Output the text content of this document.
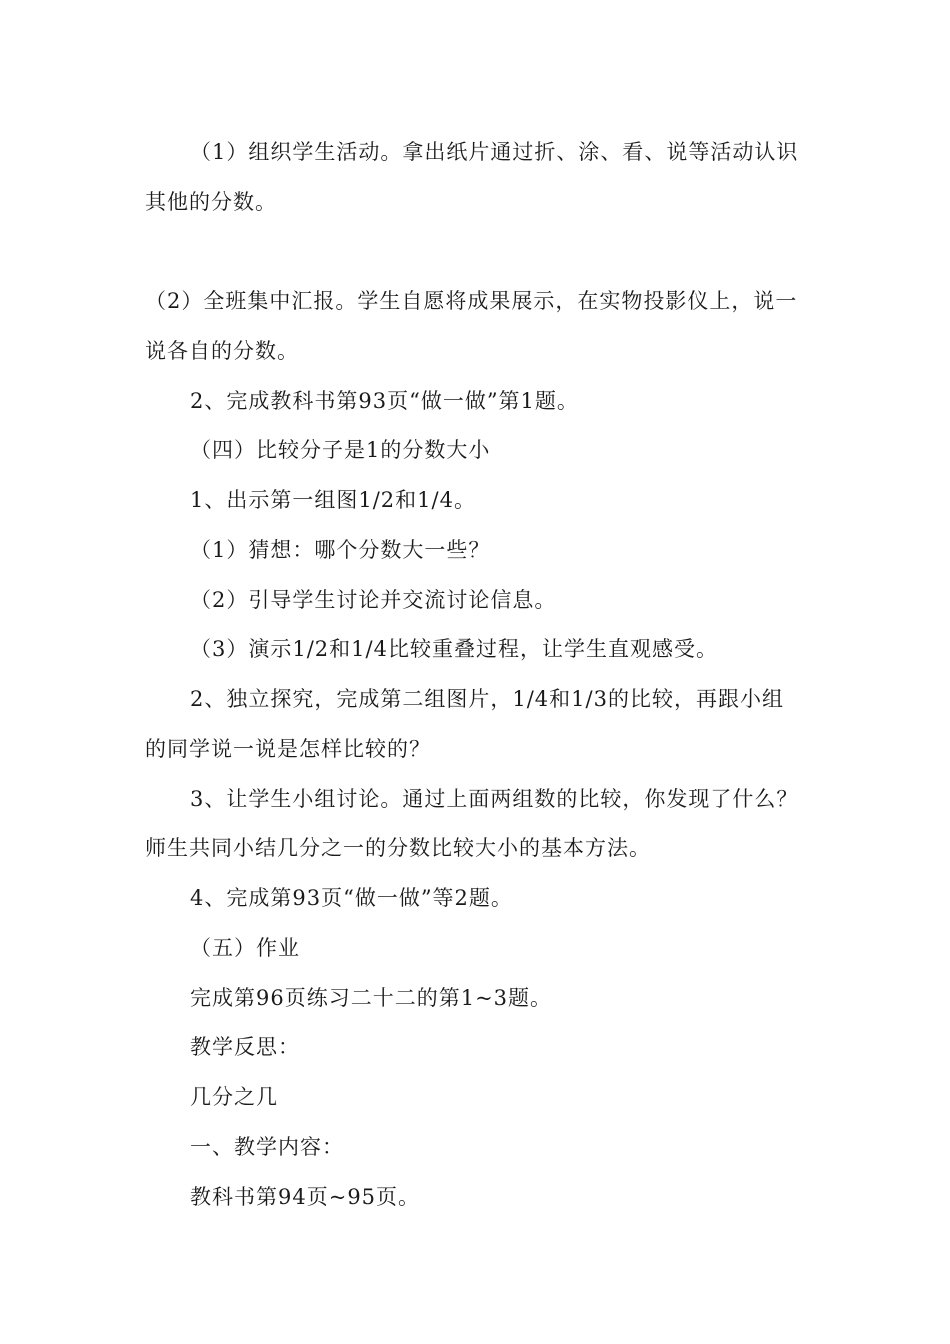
（1）组织学生活动。拿出纸片通过折、涂、看、说等活动认识
其他的分数。
（2）全班集中汇报。学生自愿将成果展示，在实物投影仪上，说一
说各自的分数。
2、完成教科书第93页“做一做”第1题。
（四）比较分子是1的分数大小
1、出示第一组图1/2和1/4。
（1）猜想：哪个分数大一些？
（2）引导学生讨论并交流讨论信息。
（3）演示1/2和1/4比较重叠过程，让学生直观感受。
2、独立探究，完成第二组图片，1/4和1/3的比较，再跟小组
的同学说一说是怎样比较的？
3、让学生小组讨论。通过上面两组数的比较，你发现了什么？
师生共同小结几分之一的分数比较大小的基本方法。
4、完成第93页“做一做”等2题。
（五）作业
完成第96页练习二十二的第1~3题。
教学反思：
几分之几
一、教学内容：
教科书第94页~95页。
